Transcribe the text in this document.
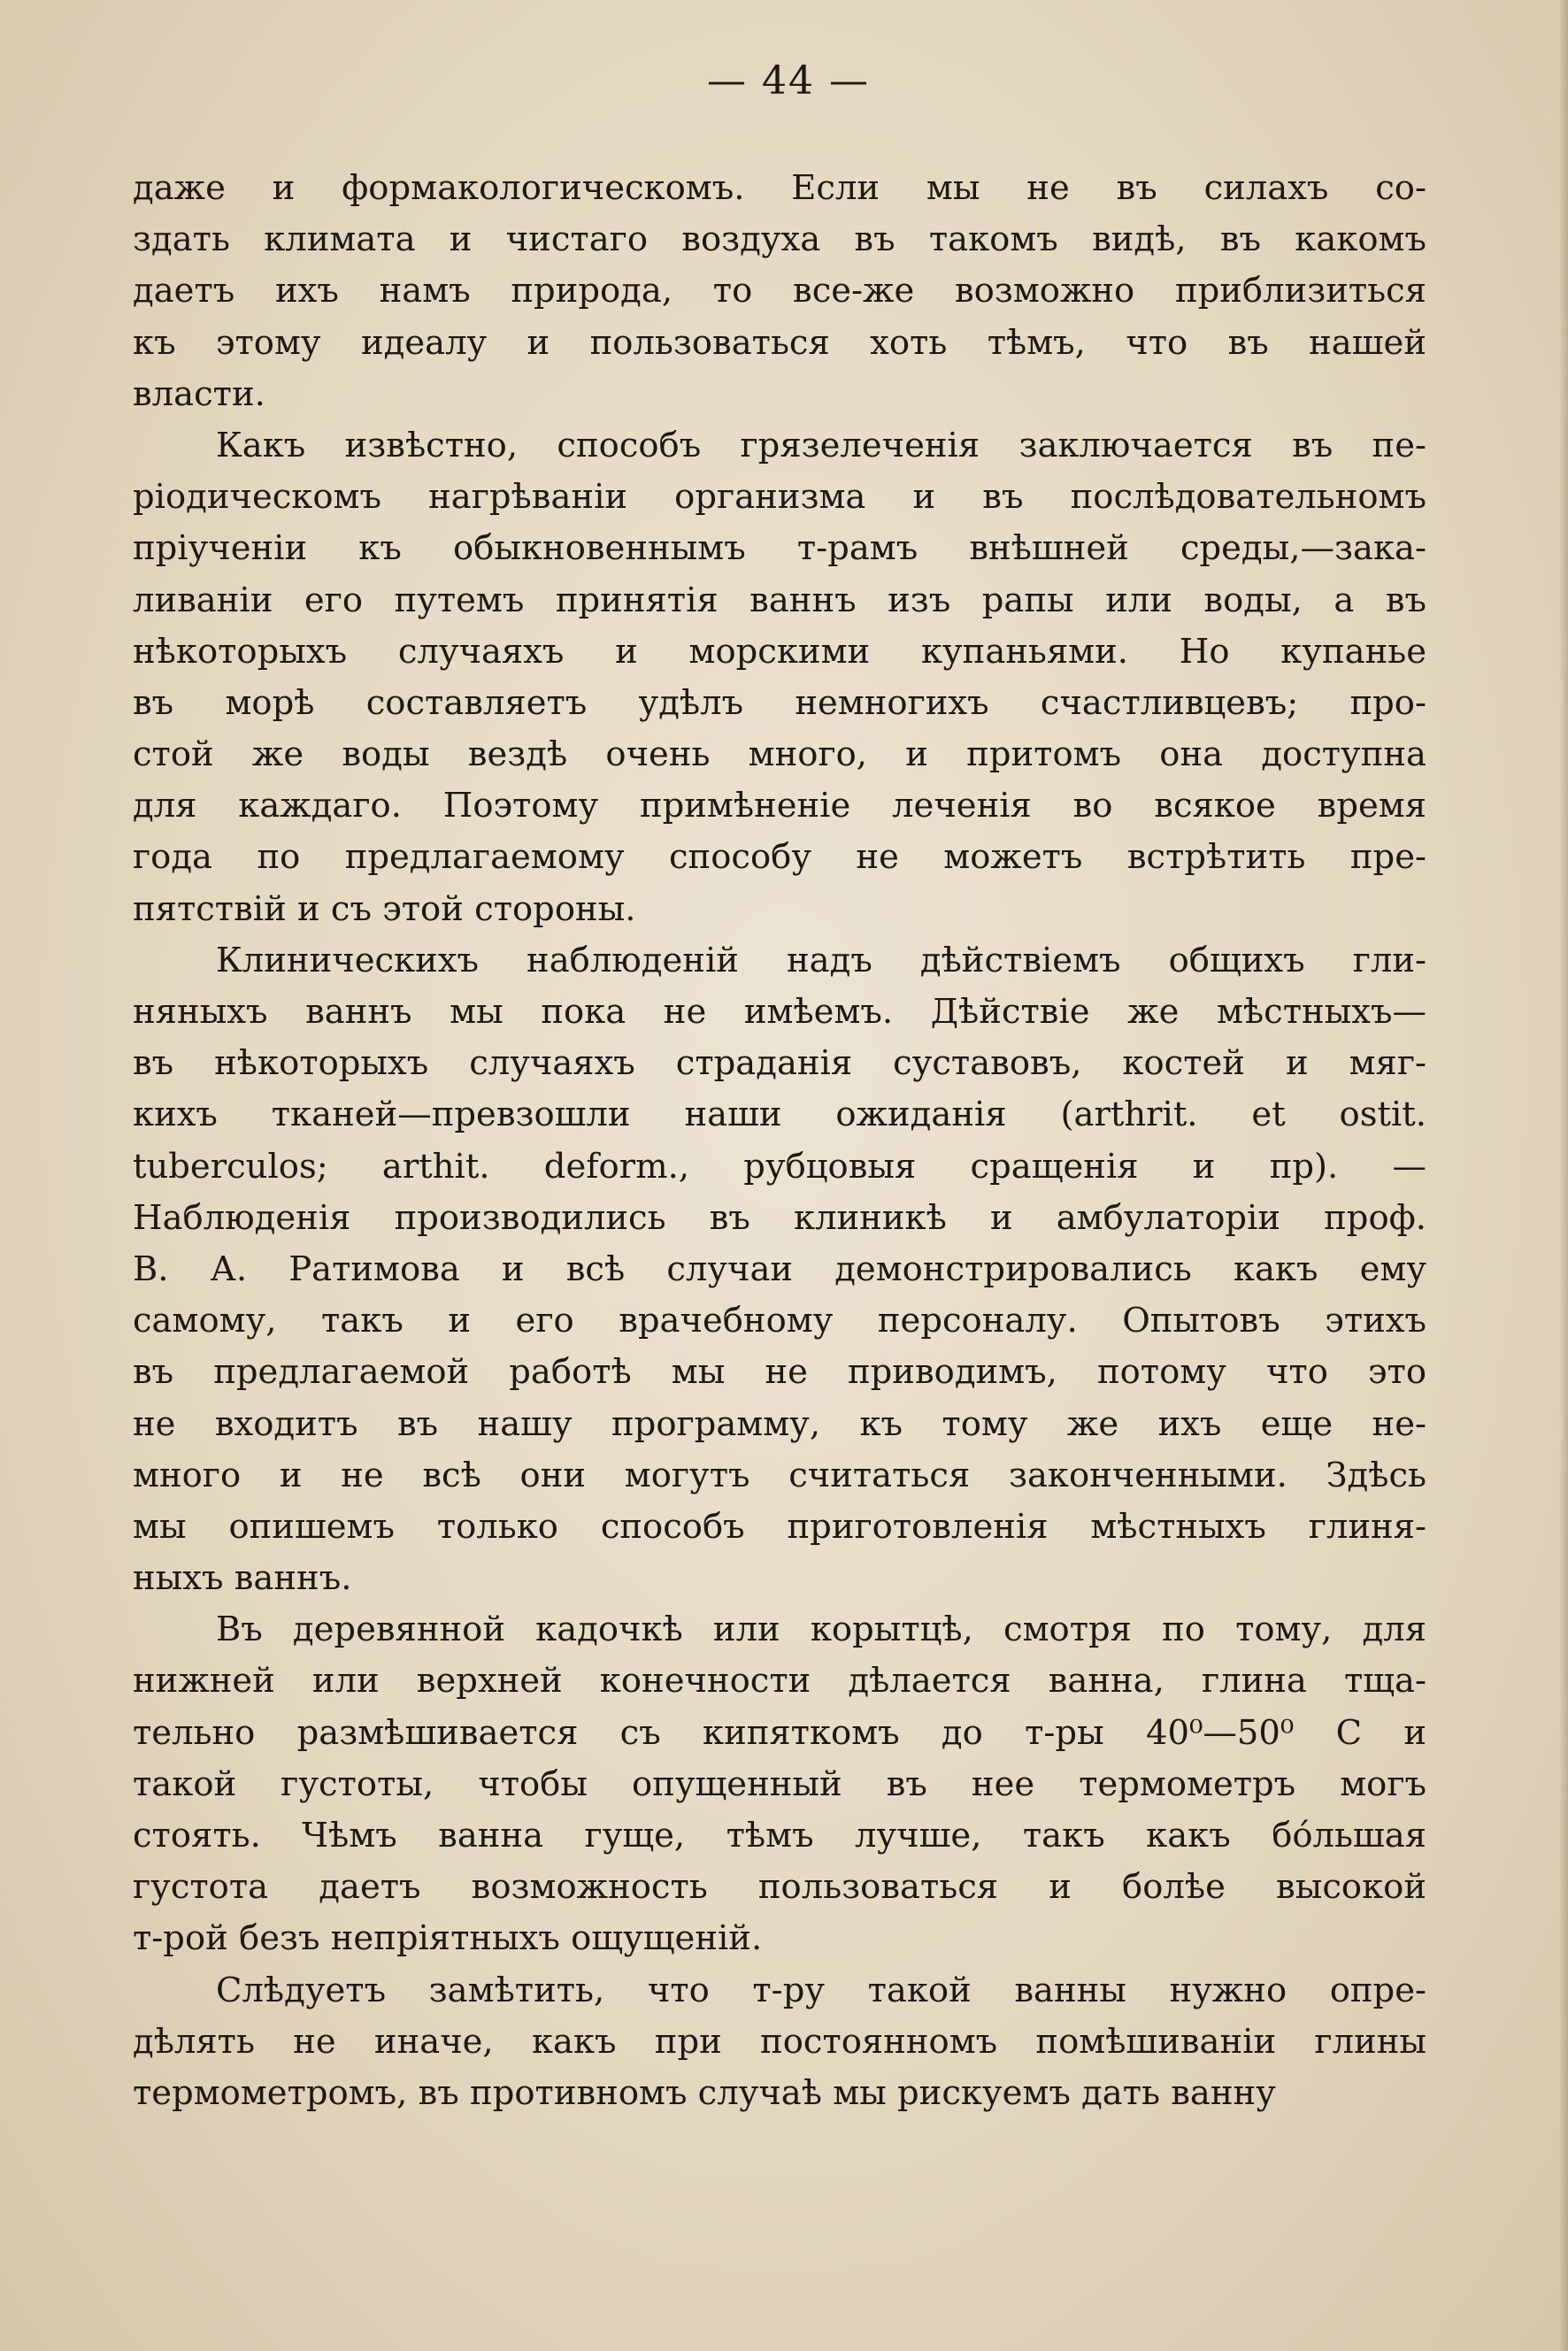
— 44 —
даже и формакологическомъ. Если мы не въ силахъ со-
здать климата и чистаго воздуха въ такомъ видѣ, въ какомъ
даетъ ихъ намъ природа, то все-же возможно приблизиться
къ этому идеалу и пользоваться хоть тѣмъ, что въ нашей
власти.
Какъ извѣстно, способъ грязелеченія заключается въ пе-
ріодическомъ нагрѣваніи организма и въ послѣдовательномъ
пріученіи къ обыкновеннымъ т-рамъ внѣшней среды,—зака-
ливаніи его путемъ принятія ваннъ изъ рапы или воды, а въ
нѣкоторыхъ случаяхъ и морскими купаньями. Но купанье
въ морѣ составляетъ удѣлъ немногихъ счастливцевъ; про-
стой же воды вездѣ очень много, и притомъ она доступна
для каждаго. Поэтому примѣненіе леченія во всякое время
года по предлагаемому способу не можетъ встрѣтить пре-
пятствій и съ этой стороны.
Клиническихъ наблюденій надъ дѣйствіемъ общихъ гли-
няныхъ ваннъ мы пока не имѣемъ. Дѣйствіе же мѣстныхъ—
въ нѣкоторыхъ случаяхъ страданія суставовъ, костей и мяг-
кихъ тканей—превзошли наши ожиданія (arthrit. et ostit.
tuberculos; arthit. deform., рубцовыя сращенія и пр). —
Наблюденія производились въ клиникѣ и амбулаторіи проф.
В. А. Ратимова и всѣ случаи демонстрировались какъ ему
самому, такъ и его врачебному персоналу. Опытовъ этихъ
въ предлагаемой работѣ мы не приводимъ, потому что это
не входитъ въ нашу программу, къ тому же ихъ еще не-
много и не всѣ они могутъ считаться законченными. Здѣсь
мы опишемъ только способъ приготовленія мѣстныхъ глиня-
ныхъ ваннъ.
Въ деревянной кадочкѣ или корытцѣ, смотря по тому, для
нижней или верхней конечности дѣлается ванна, глина тща-
тельно размѣшивается съ кипяткомъ до т-ры 40⁰—50⁰ C и
такой густоты, чтобы опущенный въ нее термометръ могъ
стоять. Чѣмъ ванна гуще, тѣмъ лучше, такъ какъ бо́льшая
густота даетъ возможность пользоваться и болѣе высокой
т-рой безъ непріятныхъ ощущеній.
Слѣдуетъ замѣтить, что т-ру такой ванны нужно опре-
дѣлять не иначе, какъ при постоянномъ помѣшиваніи глины
термометромъ, въ противномъ случаѣ мы рискуемъ дать ванну
